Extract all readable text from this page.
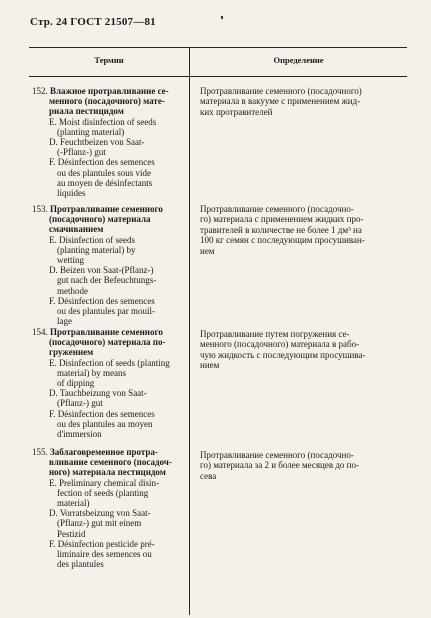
Стр. 24 ГОСТ 21507—81
Термин	Определение
152. Влажное протравливание се-
менного (посадочного) мате-
риала пестицидом
E. Moist disinfection of seeds
(planting material)
D. Feuchtbeizen von Saat-
(-Pflanz-) gut
F. Désinfection des semences
ou des plantules sous vide
au moyen de désinfectants
liquides
Протравливание семенного (посадочного)
материала в вакууме с применением жид-
ких протравителей
153. Протравливание семенного
(посадочного) материала
смачиванием
E. Disinfection of seeds
(planting material) by
wetting
D. Beizen von Saat-(Pflanz-)
gut nach der Befeuchtungs-
methode
F. Désinfection des semences
ou des plantules par mouil-
lage
Протравливание семенного (посадочно-
го) материала с применением жидких про-
травителей в количестве не более 1 дм³ на
100 кг семян с последующим просушиван-
ием
154. Протравливание семенного
(посадочного) материала по-
гружением
E. Disinfection of seeds (planting
material) by means
of dipping
D. Tauchbeizung von Saat-
(Pflanz-) gut
F. Désinfection des semences
ou des plantules au moyen
d'immersion
Протравливание путем погружения се-
менного (посадочного) материала в рабо-
чую жидкость с последующим просушива-
нием
155. Заблаговременное протра-
вливание семенного (посадоч-
ного) материала пестицидом
E. Preliminary chemical disin-
fection of seeds (planting
material)
D. Vorratsbeizung von Saat-
(Pflanz-) gut mit einem
Pestizid
F. Désinfection pesticide pré-
liminaire des semences ou
des plantules
Протравливание семенного (посадочно-
го) материала за 2 и более месяцев до по-
сева
